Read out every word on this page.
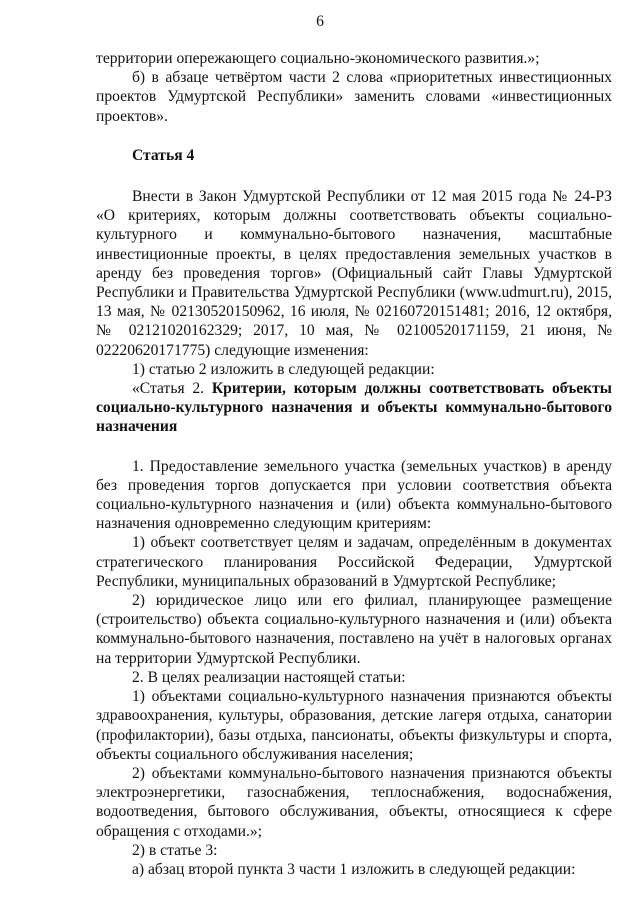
6

территории опережающего социально-экономического развития.»;

б) в абзаце четвёртом части 2 слова «приоритетных инвестиционных проектов Удмуртской Республики» заменить словами «инвестиционных проектов».

Статья 4

Внести в Закон Удмуртской Республики от 12 мая 2015 года № 24-РЗ «О критериях, которым должны соответствовать объекты социально-культурного и коммунально-бытового назначения, масштабные инвестиционные проекты, в целях предоставления земельных участков в аренду без проведения торгов» (Официальный сайт Главы Удмуртской Республики и Правительства Удмуртской Республики (www.udmurt.ru), 2015, 13 мая, № 02130520150962, 16 июля, № 02160720151481; 2016, 12 октября, № 02121020162329; 2017, 10 мая, № 02100520171159, 21 июня, № 02220620171775) следующие изменения:

1) статью 2 изложить в следующей редакции:

«Статья 2. Критерии, которым должны соответствовать объекты социально-культурного назначения и объекты коммунально-бытового назначения

1. Предоставление земельного участка (земельных участков) в аренду без проведения торгов допускается при условии соответствия объекта социально-культурного назначения и (или) объекта коммунально-бытового назначения одновременно следующим критериям:

1) объект соответствует целям и задачам, определённым в документах стратегического планирования Российской Федерации, Удмуртской Республики, муниципальных образований в Удмуртской Республике;

2) юридическое лицо или его филиал, планирующее размещение (строительство) объекта социально-культурного назначения и (или) объекта коммунально-бытового назначения, поставлено на учёт в налоговых органах на территории Удмуртской Республики.

2. В целях реализации настоящей статьи:

1) объектами социально-культурного назначения признаются объекты здравоохранения, культуры, образования, детские лагеря отдыха, санатории (профилактории), базы отдыха, пансионаты, объекты физкультуры и спорта, объекты социального обслуживания населения;

2) объектами коммунально-бытового назначения признаются объекты электроэнергетики, газоснабжения, теплоснабжения, водоснабжения, водоотведения, бытового обслуживания, объекты, относящиеся к сфере обращения с отходами.»;

2) в статье 3:

а) абзац второй пункта 3 части 1 изложить в следующей редакции:
